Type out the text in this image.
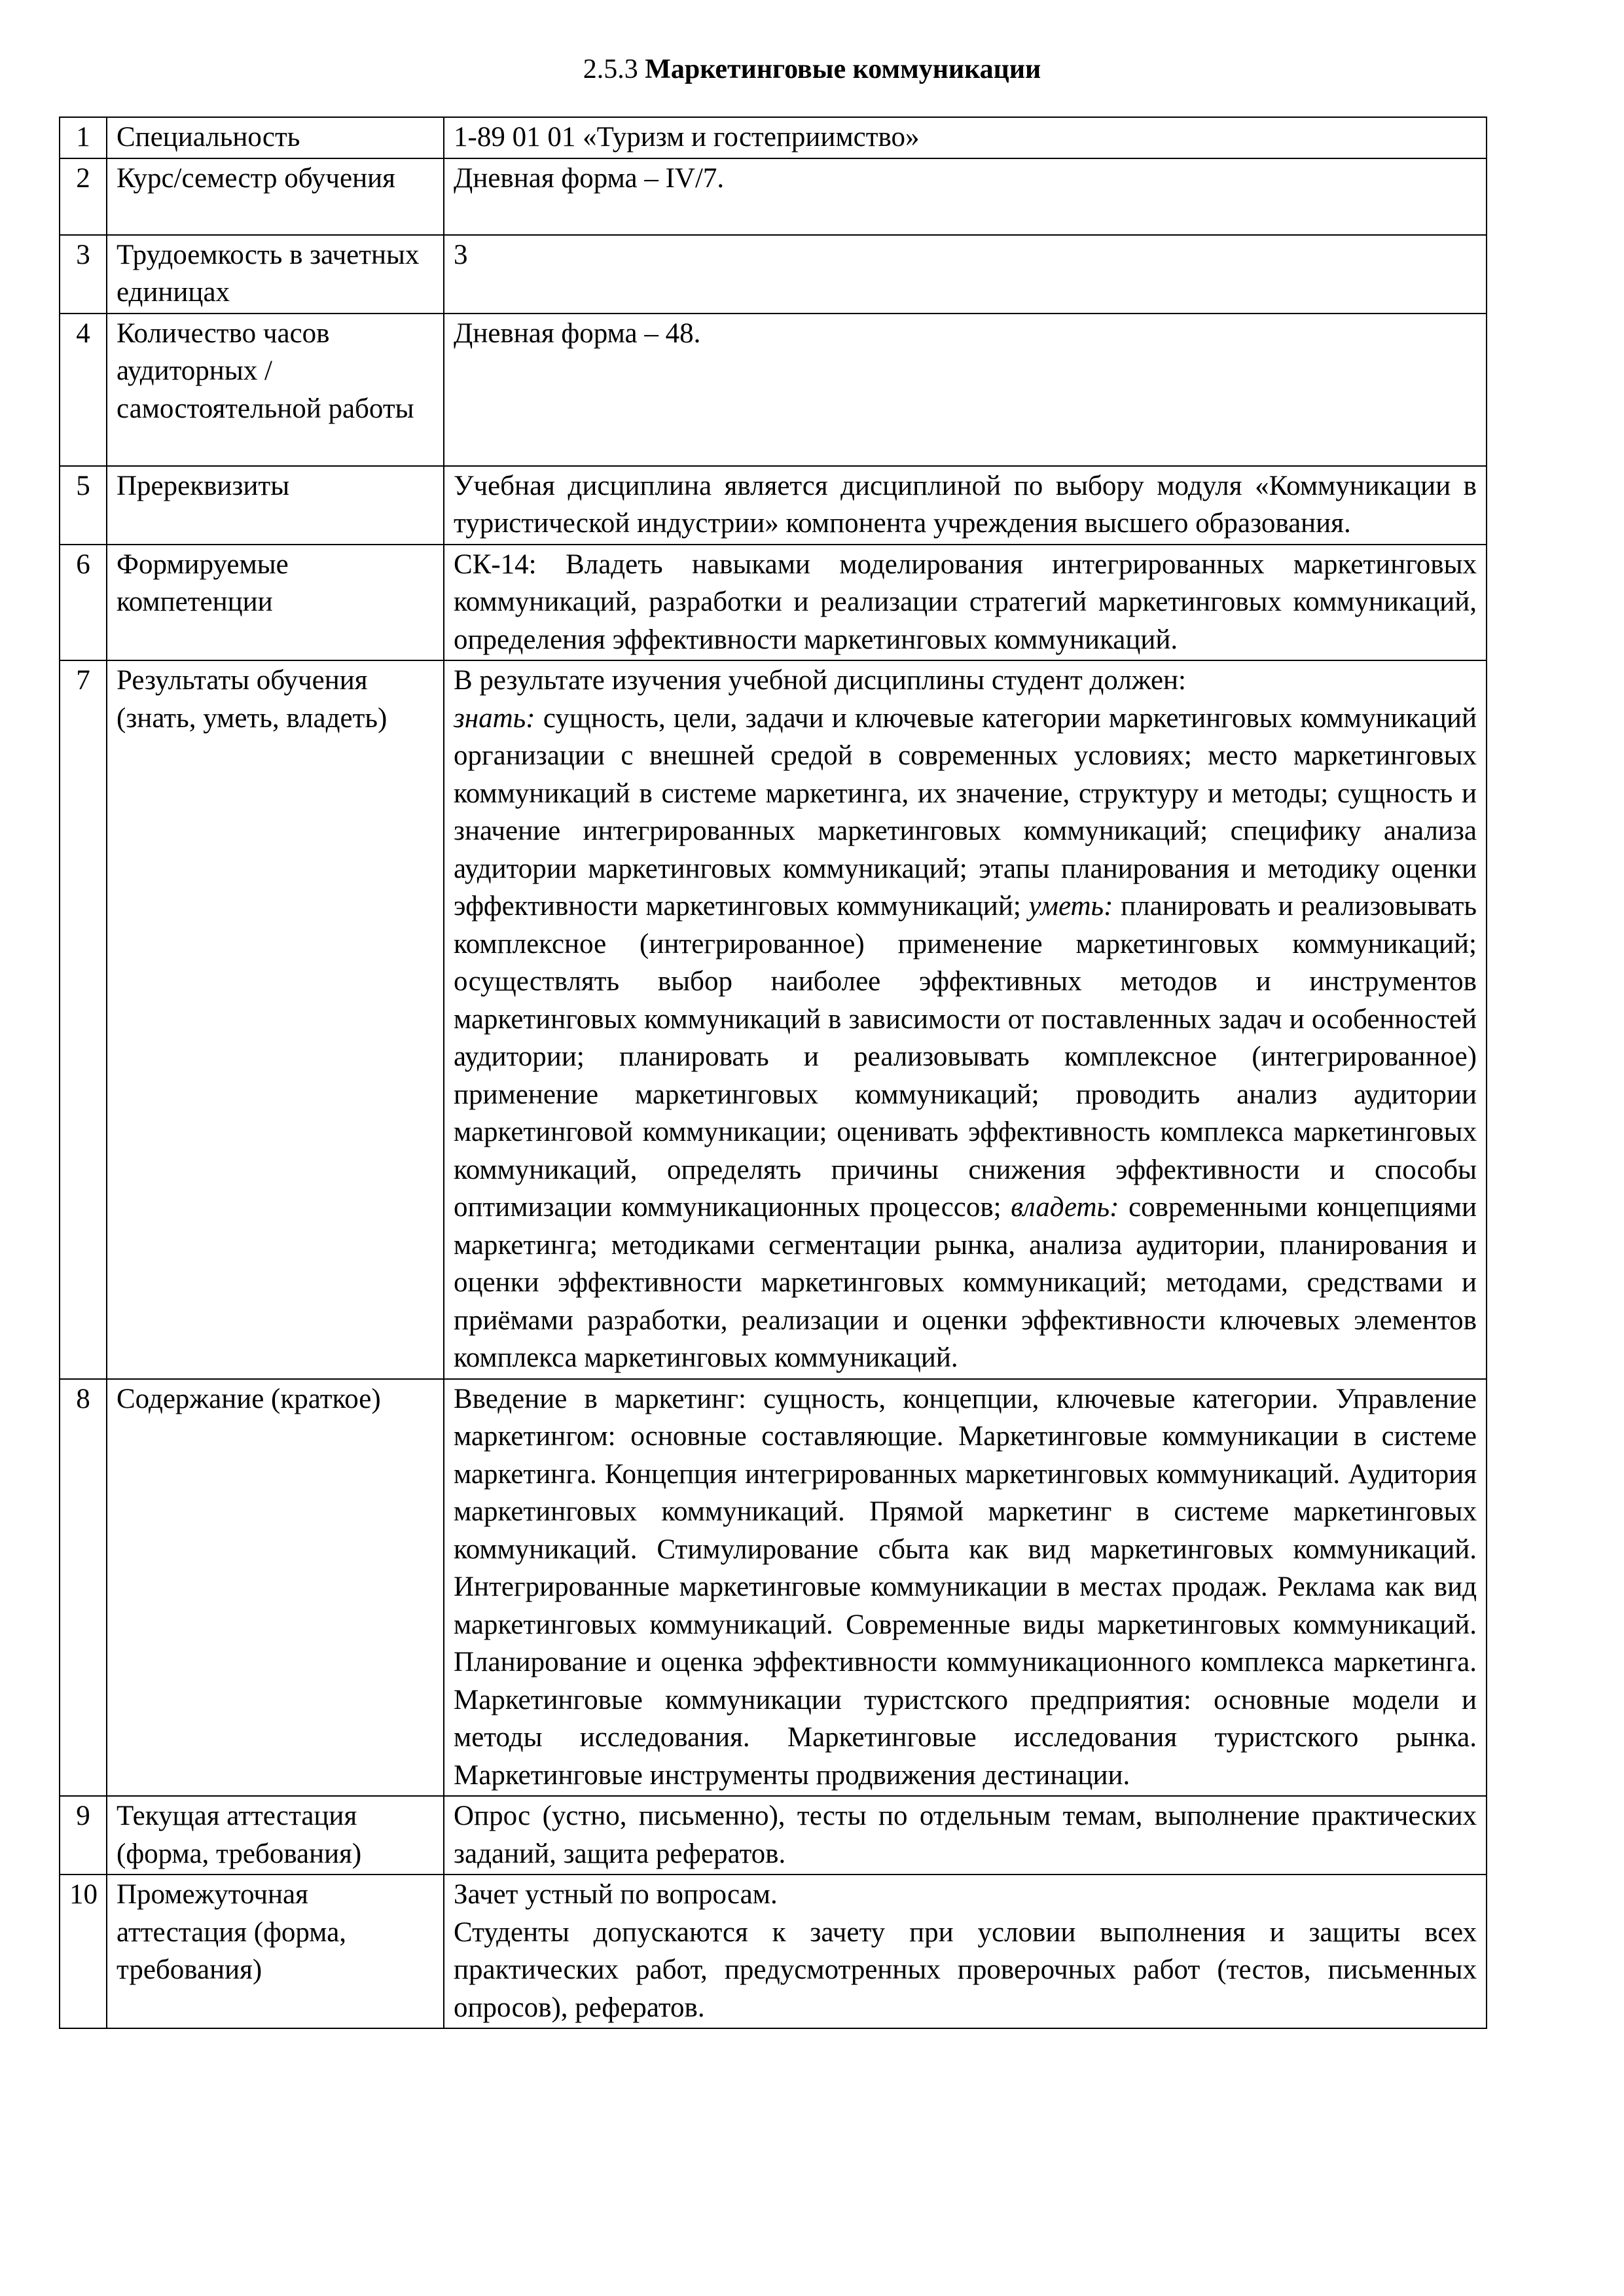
2.5.3 Маркетинговые коммуникации
1	Специальность	1-89 01 01 «Туризм и гостеприимство»
2	Курс/семестр обучения	Дневная форма – IV/7.
3	Трудоемкость в зачетных единицах	3
4	Количество часов аудиторных / самостоятельной работы	Дневная форма – 48.
5	Пререквизиты	Учебная дисциплина является дисциплиной по выбору модуля «Коммуникации в туристической индустрии» компонента учреждения высшего образования.
6	Формируемые компетенции	СК-14: Владеть навыками моделирования интегрированных маркетинговых коммуникаций, разработки и реализации стратегий маркетинговых коммуникаций, определения эффективности маркетинговых коммуникаций.
7	Результаты обучения (знать, уметь, владеть)	В результате изучения учебной дисциплины студент должен:
знать: сущность, цели, задачи и ключевые категории маркетинговых коммуникаций организации с внешней средой в современных условиях; место маркетинговых коммуникаций в системе маркетинга, их значение, структуру и методы; сущность и значение интегрированных маркетинговых коммуникаций; специфику анализа аудитории маркетинговых коммуникаций; этапы планирования и методику оценки эффективности маркетинговых коммуникаций; уметь: планировать и реализовывать комплексное (интегрированное) применение маркетинговых коммуникаций; осуществлять выбор наиболее эффективных методов и инструментов маркетинговых коммуникаций в зависимости от поставленных задач и особенностей аудитории; планировать и реализовывать комплексное (интегрированное) применение маркетинговых коммуникаций; проводить анализ аудитории маркетинговой коммуникации; оценивать эффективность комплекса маркетинговых коммуникаций, определять причины снижения эффективности и способы оптимизации коммуникационных процессов; владеть: современными концепциями маркетинга; методиками сегментации рынка, анализа аудитории, планирования и оценки эффективности маркетинговых коммуникаций; методами, средствами и приёмами разработки, реализации и оценки эффективности ключевых элементов комплекса маркетинговых коммуникаций.
8	Содержание (краткое)	Введение в маркетинг: сущность, концепции, ключевые категории. Управление маркетингом: основные составляющие. Маркетинговые коммуникации в системе маркетинга. Концепция интегрированных маркетинговых коммуникаций. Аудитория маркетинговых коммуникаций. Прямой маркетинг в системе маркетинговых коммуникаций. Стимулирование сбыта как вид маркетинговых коммуникаций. Интегрированные маркетинговые коммуникации в местах продаж. Реклама как вид маркетинговых коммуникаций. Современные виды маркетинговых коммуникаций. Планирование и оценка эффективности коммуникационного комплекса маркетинга. Маркетинговые коммуникации туристского предприятия: основные модели и методы исследования. Маркетинговые исследования туристского рынка. Маркетинговые инструменты продвижения дестинации.
9	Текущая аттестация (форма, требования)	Опрос (устно, письменно), тесты по отдельным темам, выполнение практических заданий, защита рефератов.
10	Промежуточная аттестация (форма, требования)	Зачет устный по вопросам.
Студенты допускаются к зачету при условии выполнения и защиты всех практических работ, предусмотренных проверочных работ (тестов, письменных опросов), рефератов.
